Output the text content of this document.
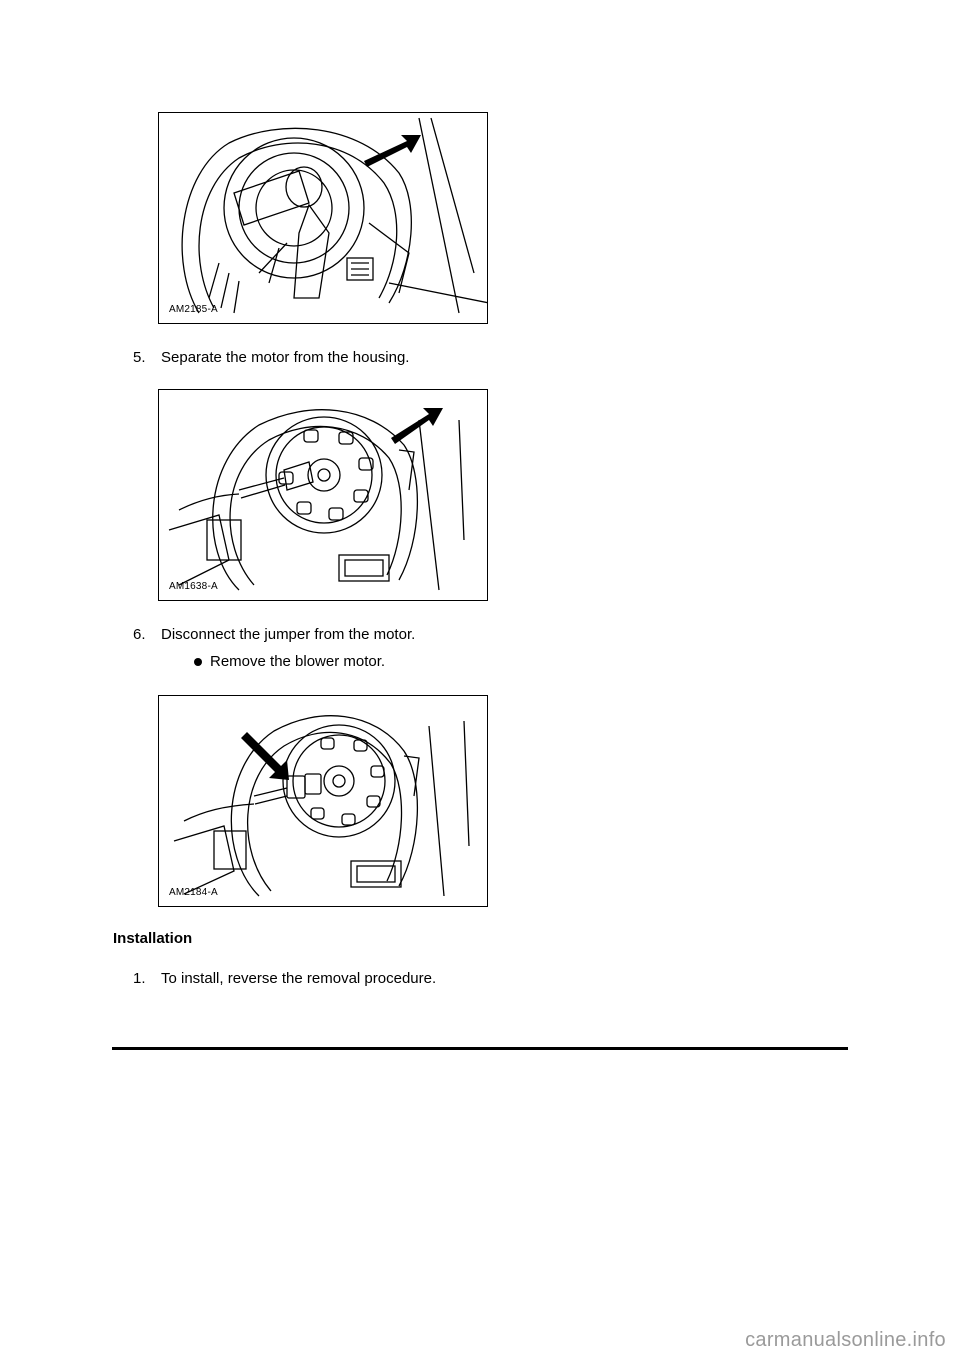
AM2185-A
5. Separate the motor from the housing.
AM1638-A
6. Disconnect the jumper from the motor.
Remove the blower motor.
AM2184-A
Installation
1. To install, reverse the removal procedure.
carmanualsonline.info
